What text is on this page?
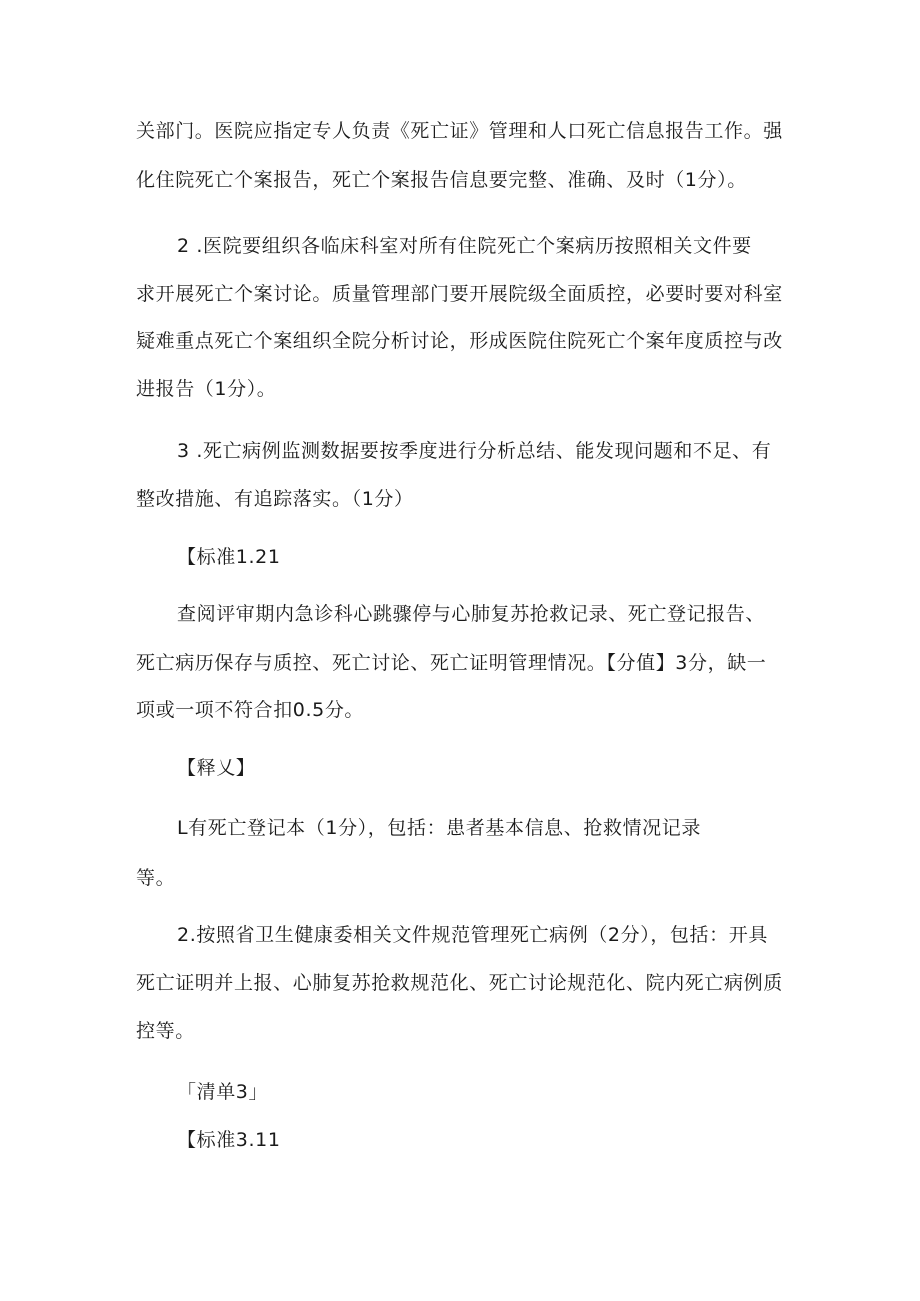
关部门。医院应指定专人负责《死亡证》管理和人口死亡信息报告工作。强
化住院死亡个案报告，死亡个案报告信息要完整、准确、及时（1分）。
2 .医院要组织各临床科室对所有住院死亡个案病历按照相关文件要
求开展死亡个案讨论。质量管理部门要开展院级全面质控，必要时要对科室
疑难重点死亡个案组织全院分析讨论，形成医院住院死亡个案年度质控与改
进报告（1分）。
3 .死亡病例监测数据要按季度进行分析总结、能发现问题和不足、有
整改措施、有追踪落实。（1分）
【标准1.21
查阅评审期内急诊科心跳骤停与心肺复苏抢救记录、死亡登记报告、
死亡病历保存与质控、死亡讨论、死亡证明管理情况。【分值】3分，缺一
项或一项不符合扣0.5分。
【释乂】
L有死亡登记本（1分），包括：患者基本信息、抢救情况记录
等。
2.按照省卫生健康委相关文件规范管理死亡病例（2分），包括：开具
死亡证明并上报、心肺复苏抢救规范化、死亡讨论规范化、院内死亡病例质
控等。
「清单3」
【标准3.11
